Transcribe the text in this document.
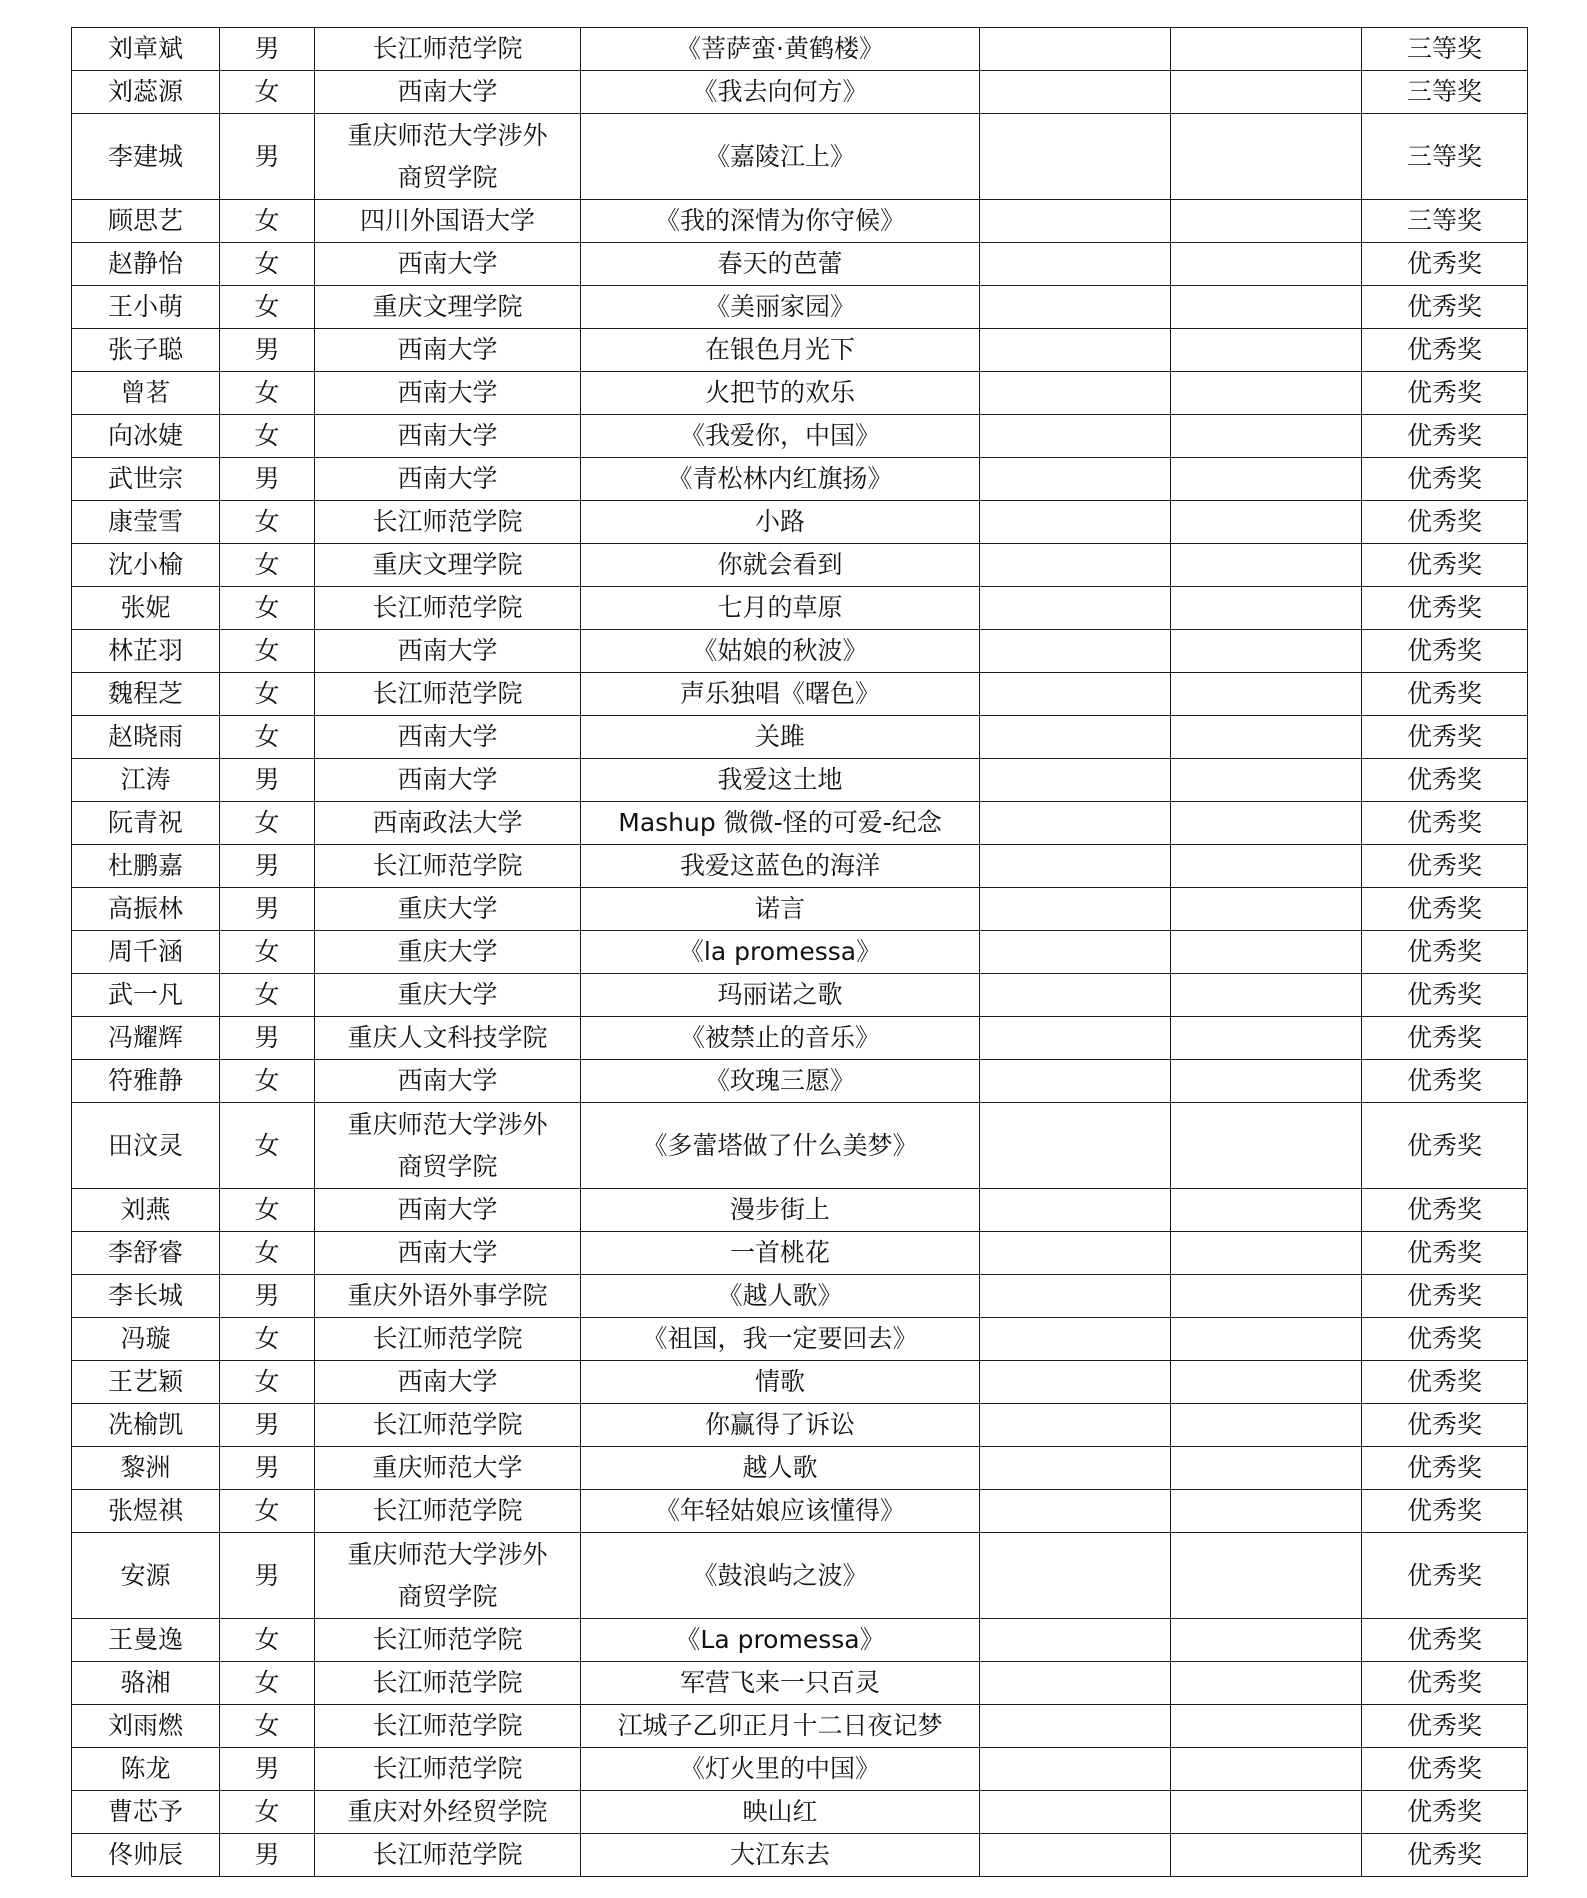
刘章斌	男	长江师范学院	《菩萨蛮·黄鹤楼》			三等奖
刘蕊源	女	西南大学	《我去向何方》			三等奖
李建城	男	重庆师范大学涉外商贸学院	《嘉陵江上》			三等奖
顾思艺	女	四川外国语大学	《我的深情为你守候》			三等奖
赵静怡	女	西南大学	春天的芭蕾			优秀奖
王小萌	女	重庆文理学院	《美丽家园》			优秀奖
张子聪	男	西南大学	在银色月光下			优秀奖
曾茗	女	西南大学	火把节的欢乐			优秀奖
向冰婕	女	西南大学	《我爱你，中国》			优秀奖
武世宗	男	西南大学	《青松林内红旗扬》			优秀奖
康莹雪	女	长江师范学院	小路			优秀奖
沈小榆	女	重庆文理学院	你就会看到			优秀奖
张妮	女	长江师范学院	七月的草原			优秀奖
林芷羽	女	西南大学	《姑娘的秋波》			优秀奖
魏程芝	女	长江师范学院	声乐独唱《曙色》			优秀奖
赵晓雨	女	西南大学	关雎			优秀奖
江涛	男	西南大学	我爱这土地			优秀奖
阮青祝	女	西南政法大学	Mashup 微微-怪的可爱-纪念			优秀奖
杜鹏嘉	男	长江师范学院	我爱这蓝色的海洋			优秀奖
高振林	男	重庆大学	诺言			优秀奖
周千涵	女	重庆大学	《la promessa》			优秀奖
武一凡	女	重庆大学	玛丽诺之歌			优秀奖
冯耀辉	男	重庆人文科技学院	《被禁止的音乐》			优秀奖
符雅静	女	西南大学	《玫瑰三愿》			优秀奖
田汶灵	女	重庆师范大学涉外商贸学院	《多蕾塔做了什么美梦》			优秀奖
刘燕	女	西南大学	漫步街上			优秀奖
李舒睿	女	西南大学	一首桃花			优秀奖
李长城	男	重庆外语外事学院	《越人歌》			优秀奖
冯璇	女	长江师范学院	《祖国，我一定要回去》			优秀奖
王艺颖	女	西南大学	情歌			优秀奖
冼榆凯	男	长江师范学院	你赢得了诉讼			优秀奖
黎洲	男	重庆师范大学	越人歌			优秀奖
张煜祺	女	长江师范学院	《年轻姑娘应该懂得》			优秀奖
安源	男	重庆师范大学涉外商贸学院	《鼓浪屿之波》			优秀奖
王曼逸	女	长江师范学院	《La promessa》			优秀奖
骆湘	女	长江师范学院	军营飞来一只百灵			优秀奖
刘雨燃	女	长江师范学院	江城子乙卯正月十二日夜记梦			优秀奖
陈龙	男	长江师范学院	《灯火里的中国》			优秀奖
曹芯予	女	重庆对外经贸学院	映山红			优秀奖
佟帅辰	男	长江师范学院	大江东去			优秀奖
